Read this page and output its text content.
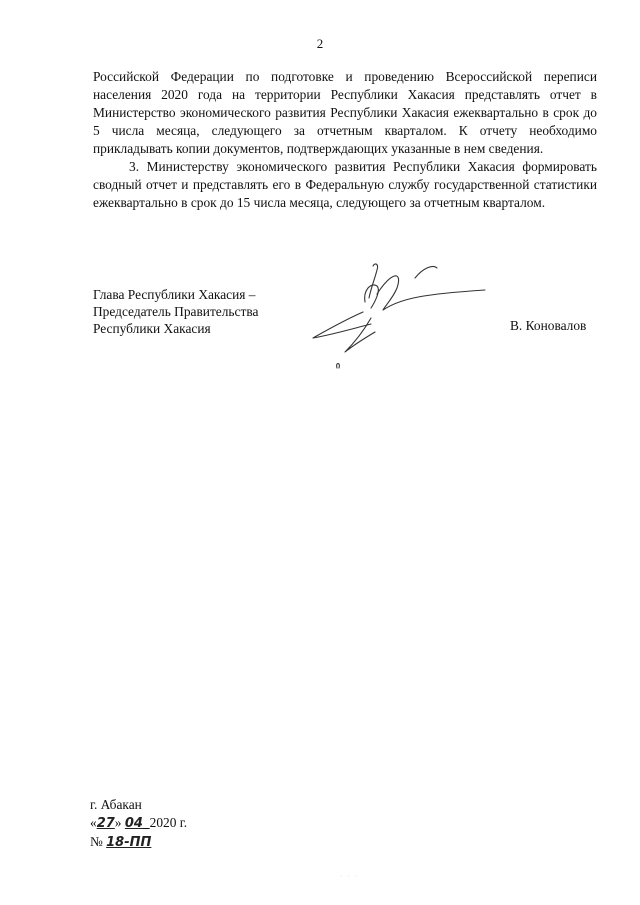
2

Российской Федерации по подготовке и проведению Всероссийской переписи населения 2020 года на территории Республики Хакасия представлять отчет в Министерство экономического развития Республики Хакасия ежеквартально в срок до 5 числа месяца, следующего за отчетным кварталом. К отчету необходимо прикладывать копии документов, подтверждающих указанные в нем сведения.

3. Министерству экономического развития Республики Хакасия формировать сводный отчет и представлять его в Федеральную службу государственной статистики ежеквартально в срок до 15 числа месяца, следующего за отчетным кварталом.

Глава Республики Хакасия –
Председатель Правительства
Республики Хакасия	В. Коновалов
г. Абакан
«27» 04 2020 г.
№ 18-ПП
· · ·
